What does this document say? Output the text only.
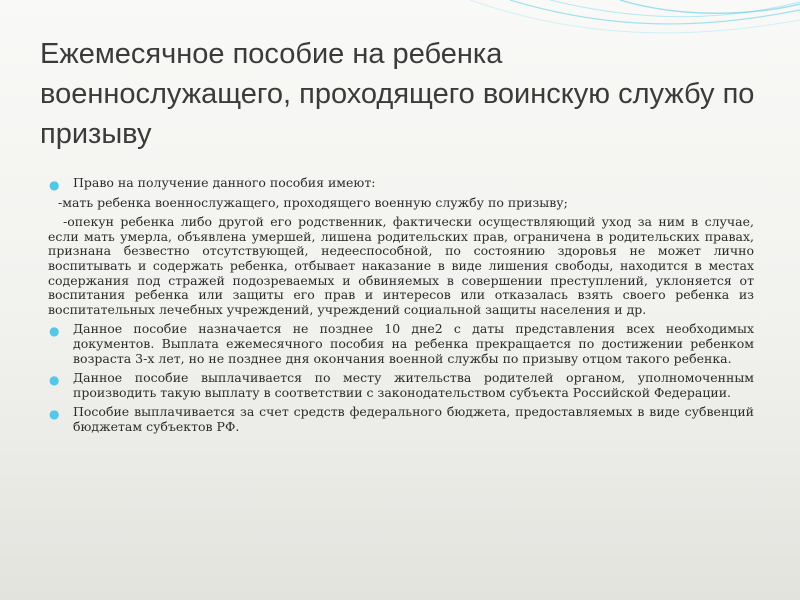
Ежемесячное пособие на ребенка военнослужащего, проходящего воинскую службу по призыву
Право на получение данного пособия имеют:
-мать ребенка военнослужащего, проходящего военную службу по призыву;
-опекун ребенка либо другой его родственник, фактически осуществляющий уход за ним в случае, если мать умерла, объявлена умершей, лишена родительских прав, ограничена в родительских правах, признана безвестно отсутствующей, недееспособной, по состоянию здоровья не может лично воспитывать и содержать ребенка, отбывает наказание в виде лишения свободы, находится в местах содержания под стражей подозреваемых и обвиняемых в совершении преступлений, уклоняется от воспитания ребенка или защиты его прав и интересов или отказалась взять своего ребенка из воспитательных лечебных учреждений, учреждений социальной защиты населения и др.
Данное пособие назначается не позднее 10 дне2 с даты представления всех необходимых документов. Выплата ежемесячного пособия на ребенка прекращается по достижении ребенком возраста 3-х лет, но не позднее дня окончания военной службы по призыву отцом такого ребенка.
Данное пособие выплачивается по месту жительства родителей органом, уполномоченным производить такую выплату в соответствии с законодательством субъекта Российской Федерации.
Пособие выплачивается за счет средств федерального бюджета, предоставляемых в виде субвенций бюджетам субъектов РФ.
